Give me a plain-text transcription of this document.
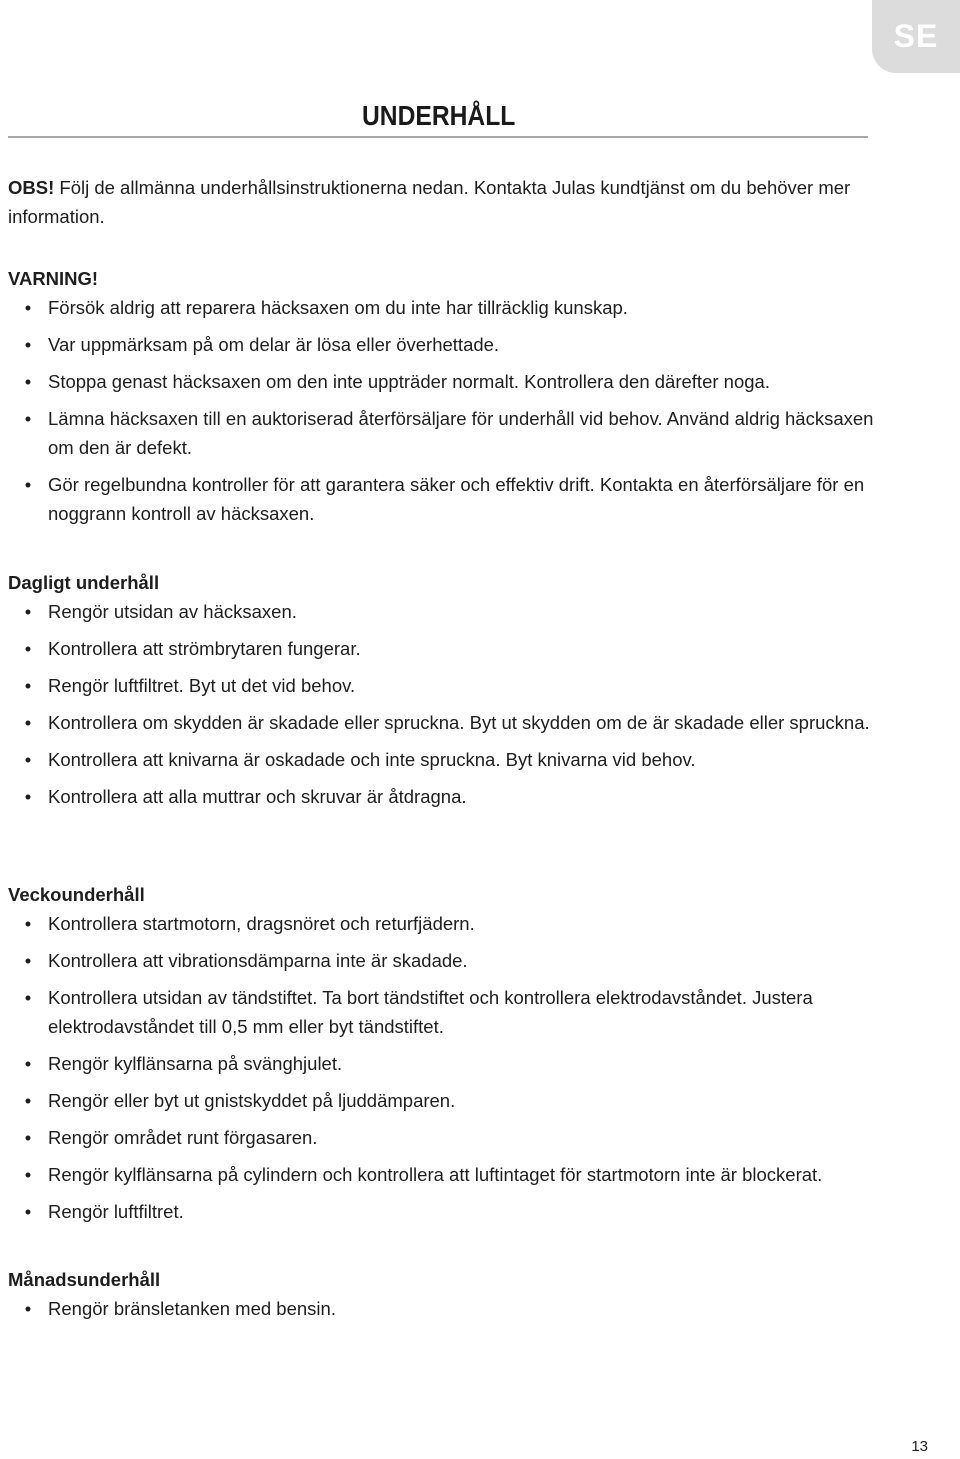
SE
UNDERHÅLL

OBS! Följ de allmänna underhållsinstruktionerna nedan. Kontakta Julas kundtjänst om du behöver mer information.

VARNING!

• Försök aldrig att reparera häcksaxen om du inte har tillräcklig kunskap.
• Var uppmärksam på om delar är lösa eller överhettade.
• Stoppa genast häcksaxen om den inte uppträder normalt. Kontrollera den därefter noga.
• Lämna häcksaxen till en auktoriserad återförsäljare för underhåll vid behov. Använd aldrig häcksaxen om den är defekt.
• Gör regelbundna kontroller för att garantera säker och effektiv drift. Kontakta en återförsäljare för en noggrann kontroll av häcksaxen.

Dagligt underhåll

• Rengör utsidan av häcksaxen.
• Kontrollera att strömbrytaren fungerar.
• Rengör luftfiltret. Byt ut det vid behov.
• Kontrollera om skydden är skadade eller spruckna. Byt ut skydden om de är skadade eller spruckna.
• Kontrollera att knivarna är oskadade och inte spruckna. Byt knivarna vid behov.
• Kontrollera att alla muttrar och skruvar är åtdragna.

Veckounderhåll

• Kontrollera startmotorn, dragsnöret och returfjädern.
• Kontrollera att vibrationsdämparna inte är skadade.
• Kontrollera utsidan av tändstiftet. Ta bort tändstiftet och kontrollera elektrodavståndet. Justera elektrodavståndet till 0,5 mm eller byt tändstiftet.
• Rengör kylflänsarna på svänghjulet.
• Rengör eller byt ut gnistskyddet på ljuddämparen.
• Rengör området runt förgasaren.
• Rengör kylflänsarna på cylindern och kontrollera att luftintaget för startmotorn inte är blockerat.
• Rengör luftfiltret.

Månadsunderhåll

• Rengör bränsletanken med bensin.
13
